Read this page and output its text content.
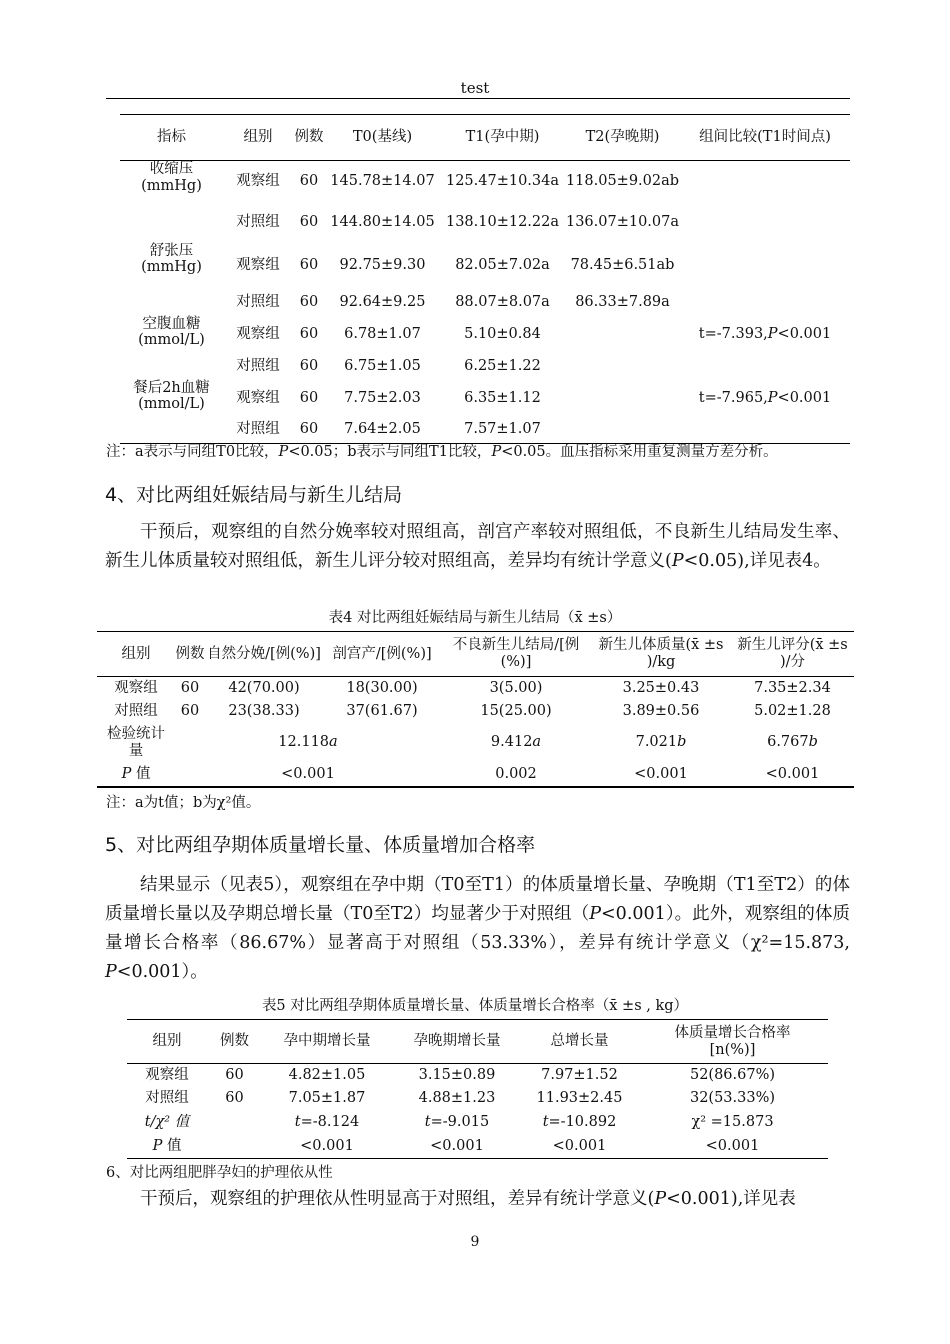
test
指标	组别	例数	T0(基线)	T1(孕中期)	T2(孕晚期)	组间比较(T1时间点)
收缩压(mmHg)	观察组	60	145.78±14.07	125.47±10.34a	118.05±9.02ab	
	对照组	60	144.80±14.05	138.10±12.22a	136.07±10.07a	
舒张压(mmHg)	观察组	60	92.75±9.30	82.05±7.02a	78.45±6.51ab	
	对照组	60	92.64±9.25	88.07±8.07a	86.33±7.89a	
空腹血糖(mmol/L)	观察组	60	6.78±1.07	5.10±0.84		t=-7.393,P<0.001
	对照组	60	6.75±1.05	6.25±1.22		
餐后2h血糖(mmol/L)	观察组	60	7.75±2.03	6.35±1.12		t=-7.965,P<0.001
	对照组	60	7.64±2.05	7.57±1.07		
注：a表示与同组T0比较，P<0.05；b表示与同组T1比较，P<0.05。血压指标采用重复测量方差分析。
4、对比两组妊娠结局与新生儿结局
干预后，观察组的自然分娩率较对照组高，剖宫产率较对照组低，不良新生儿结局发生率、新生儿体质量较对照组低，新生儿评分较对照组高，差异均有统计学意义(P<0.05),详见表4。
表4 对比两组妊娠结局与新生儿结局（x̄ ±s）
组别	例数	自然分娩/[例(%)]	剖宫产/[例(%)]	不良新生儿结局/[例(%)]	新生儿体质量(x̄ ±s )/kg	新生儿评分(x̄ ±s )/分
观察组	60	42(70.00)	18(30.00)	3(5.00)	3.25±0.43	7.35±2.34
对照组	60	23(38.33)	37(61.67)	15(25.00)	3.89±0.56	5.02±1.28
检验统计量	12.118a			9.412a	7.021b	6.767b
P 值	<0.001			0.002	<0.001	<0.001
注：a为t值；b为χ²值。
5、对比两组孕期体质量增长量、体质量增加合格率
结果显示（见表5），观察组在孕中期（T0至T1）的体质量增长量、孕晚期（T1至T2）的体质量增长量以及孕期总增长量（T0至T2）均显著少于对照组（P<0.001）。此外，观察组的体质量增长合格率（86.67%）显著高于对照组（53.33%），差异有统计学意义（χ²=15.873, P<0.001）。
表5 对比两组孕期体质量增长量、体质量增长合格率（x̄ ±s , kg）
组别	例数	孕中期增长量	孕晚期增长量	总增长量	体质量增长合格率[n(%)]
观察组	60	4.82±1.05	3.15±0.89	7.97±1.52	52(86.67%)
对照组	60	7.05±1.87	4.88±1.23	11.93±2.45	32(53.33%)
t/χ² 值		t=-8.124	t=-9.015	t=-10.892	χ² =15.873
P 值		<0.001	<0.001	<0.001	<0.001
6、对比两组肥胖孕妇的护理依从性
干预后，观察组的护理依从性明显高于对照组，差异有统计学意义(P<0.001),详见表
9
